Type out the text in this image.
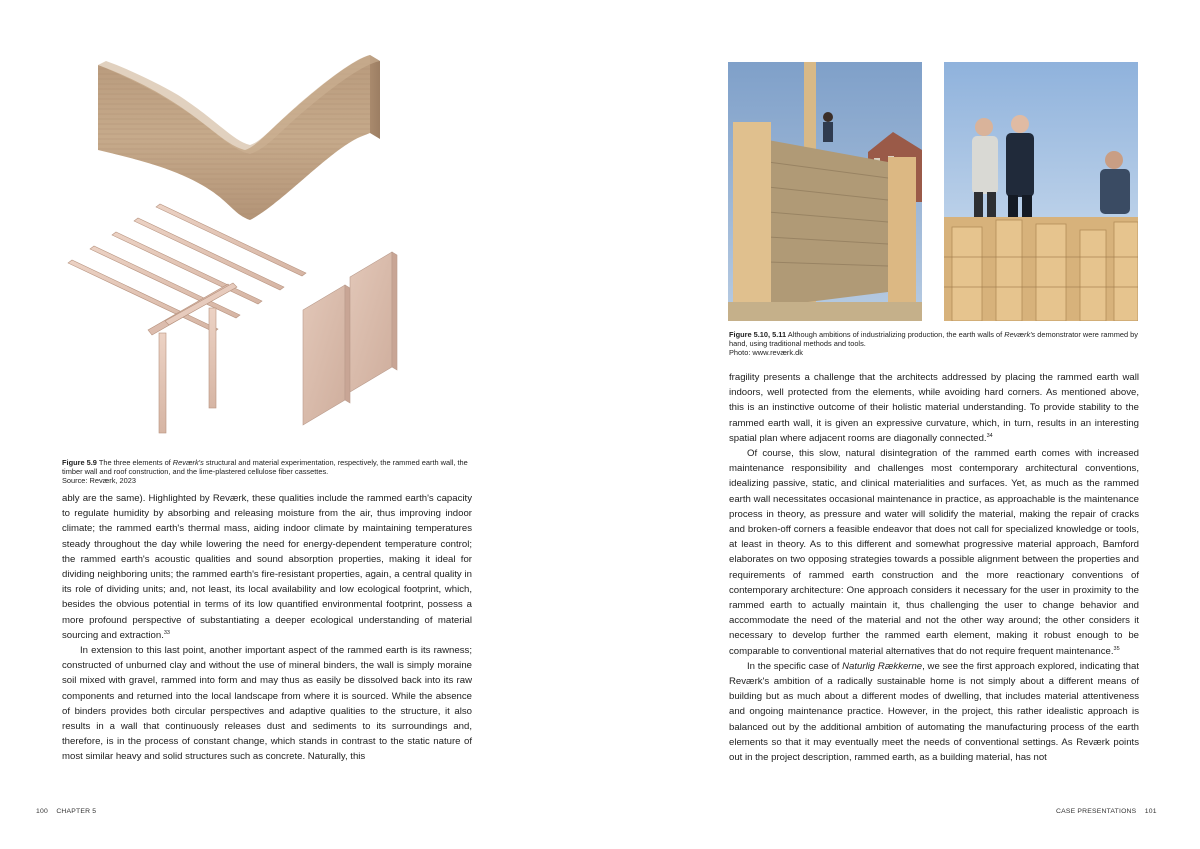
Figure 5.9 The three elements of Reværk's structural and material experimentation, respectively, the rammed earth wall, the timber wall and roof construction, and the lime-plastered cellulose fiber cassettes.
Source: Reværk, 2023

ably are the same). Highlighted by Reværk, these qualities include the rammed earth's capacity to regulate humidity by absorbing and releasing moisture from the air, thus improving indoor climate; the rammed earth's thermal mass, aiding indoor climate by maintaining temperatures steady throughout the day while lowering the need for energy-dependent temperature control; the rammed earth's acoustic qualities and sound absorption properties, making it ideal for dividing neighboring units; the rammed earth's fire-resistant properties, again, a central quality in its role of dividing units; and, not least, its local availability and low ecological footprint, which, besides the obvious potential in terms of its low quantified environmental footprint, possess a more profound perspective of substantiating a deeper ecological understanding of material sourcing and extraction.$^{33}$

In extension to this last point, another important aspect of the rammed earth is its rawness; constructed of unburned clay and without the use of mineral binders, the wall is simply moraine soil mixed with gravel, rammed into form and may thus as easily be dissolved back into its raw components and returned into the local landscape from where it is sourced. While the absence of binders provides both circular perspectives and adaptive qualities to the structure, it also results in a wall that continuously releases dust and sediments to its surroundings and, therefore, is in the process of constant change, which stands in contrast to the static nature of most similar heavy and solid structures such as concrete. Naturally, this

100 CHAPTER 5
Figure 5.10, 5.11 Although ambitions of industrializing production, the earth walls of Reværk's demonstrator were rammed by hand, using traditional methods and tools.
Photo: www.reværk.dk

fragility presents a challenge that the architects addressed by placing the rammed earth wall indoors, well protected from the elements, while avoiding hard corners. As mentioned above, this is an instinctive outcome of their holistic material understanding. To provide stability to the rammed earth wall, it is given an expressive curvature, which, in turn, results in an interesting spatial plan where adjacent rooms are diagonally connected.$^{34}$

Of course, this slow, natural disintegration of the rammed earth comes with increased maintenance responsibility and challenges most contemporary architectural conventions, idealizing passive, static, and clinical materialities and surfaces. Yet, as much as the rammed earth wall necessitates occasional maintenance in practice, as approachable is the maintenance process in theory, as pressure and water will solidify the material, making the repair of cracks and broken-off corners a feasible endeavor that does not call for specialized knowledge or tools, at least in theory. As to this different and somewhat progressive material approach, Bamford elaborates on two opposing strategies towards a possible alignment between the properties and requirements of rammed earth construction and the more reactionary conventions of contemporary architecture: One approach considers it necessary for the user in proximity to the rammed earth to actually maintain it, thus challenging the user to change behavior and accommodate the need of the material and not the other way around; the other considers it necessary to develop further the rammed earth element, making it robust enough to be comparable to conventional material alternatives that do not require frequent maintenance.$^{35}$

In the specific case of Naturlig Rækkerne, we see the first approach explored, indicating that Reværk's ambition of a radically sustainable home is not simply about a different means of building but as much about a different modes of dwelling, that includes material attentiveness and ongoing maintenance practice. However, in the project, this rather idealistic approach is balanced out by the additional ambition of automating the manufacturing process of the earth elements so that it may eventually meet the needs of conventional settings. As Reværk points out in the project description, rammed earth, as a building material, has not

CASE PRESENTATIONS 101
